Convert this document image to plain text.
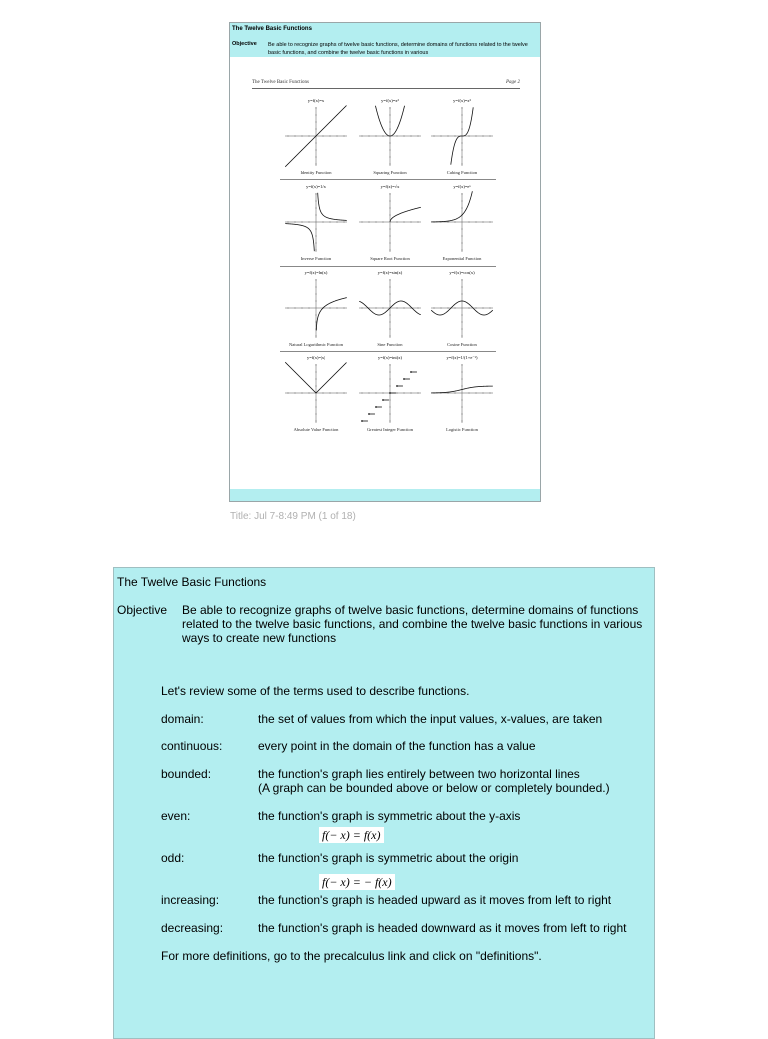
The Twelve Basic Functions
Objective Be able to recognize graphs of twelve basic functions, determine domains of functions related to the twelve basic functions, and combine the twelve basic functions in various
The Twelve Basic Functions	Page 2
y=f(x)=x
Identity Function
y=f(x)=x²
Squaring Function
y=f(x)=x³
Cubing Function
y=f(x)=1/x
Inverse Function
y=f(x)=√x
Square Root Function
y=f(x)=eˣ
Exponential Function
y=f(x)=ln(x)
Natural Logarithmic Function
y=f(x)=sin(x)
Sine Function
y=f(x)=cos(x)
Cosine Function
y=f(x)=|x|
Absolute Value Function
y=f(x)=int(x)
Greatest Integer Function
y=f(x)=1/(1+e⁻ˣ)
Logistic Function
Title: Jul 7-8:49 PM (1 of 18)
The Twelve Basic Functions
Objective Be able to recognize graphs of twelve basic functions, determine domains of functions
related to the twelve basic functions, and combine the twelve basic functions in various
ways to create new functions
Let's review some of the terms used to describe functions.
domain:	the set of values from which the input values, x-values, are taken
continuous:	every point in the domain of the function has a value
bounded:	the function's graph lies entirely between two horizontal lines
(A graph can be bounded above or below or completely bounded.)
even:	the function's graph is symmetric about the y-axis
f(− x) = f(x)
odd:	the function's graph is symmetric about the origin
f(− x) = − f(x)
increasing:	the function's graph is headed upward as it moves from left to right
decreasing:	the function's graph is headed downward as it moves from left to right
For more definitions, go to the precalculus link and click on "definitions".
